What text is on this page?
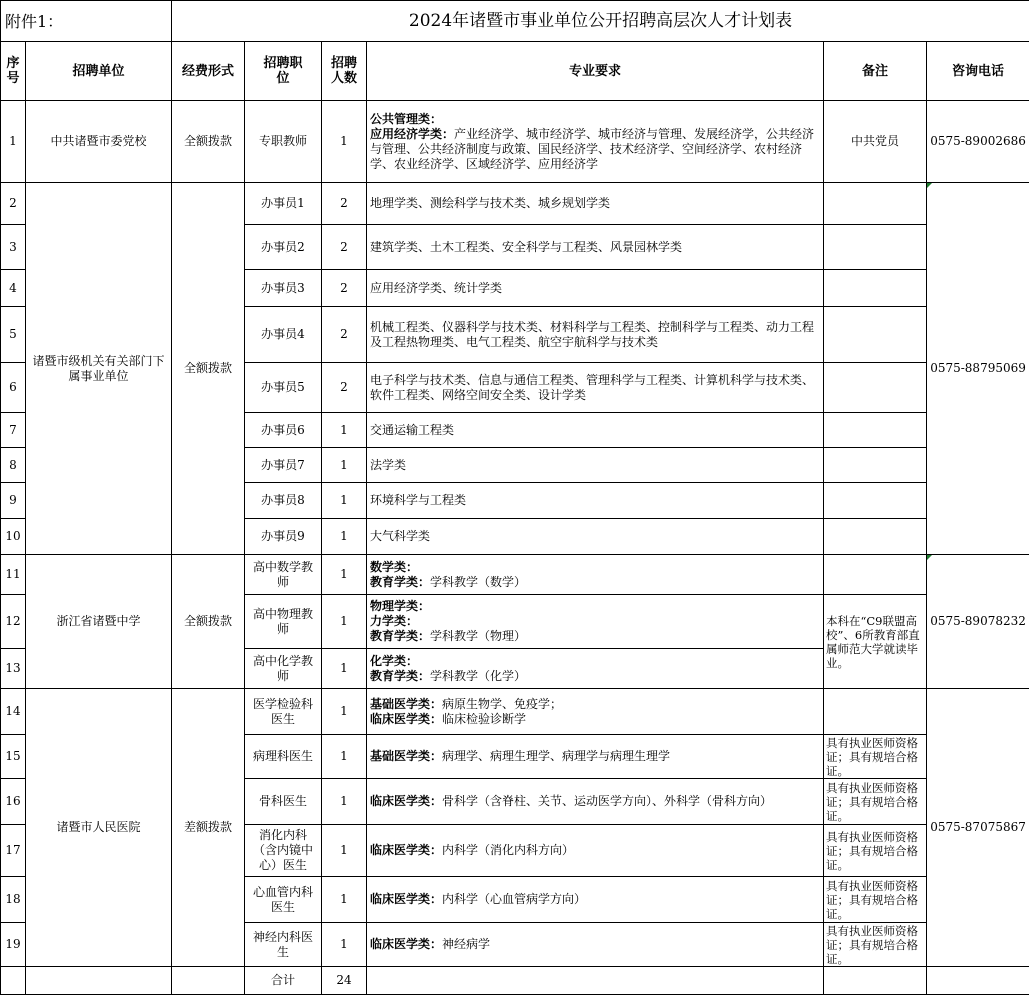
附件1：		2024年诸暨市事业单位公开招聘高层次人才计划表					
序号	招聘单位	经费形式	招聘职位	招聘人数	专业要求	备注	咨询电话
1	中共诸暨市委党校	全额拨款	专职教师	1	公共管理类：
应用经济学类：产业经济学、城市经济学、城市经济与管理、发展经济学，公共经济与管理、公共经济制度与政策、国民经济学、技术经济学、空间经济学、农村经济学、农业经济学、区域经济学、应用经济学	中共党员	0575-89002686
2	诸暨市级机关有关部门下属事业单位	全额拨款	办事员1	2	地理学类、测绘科学与技术类、城乡规划学类		0575-88795069
3			办事员2	2	建筑学类、土木工程类、安全科学与工程类、风景园林学类		

4			办事员3	2	应用经济学类、统计学类		

5			办事员4	2	机械工程类、仪器科学与技术类、材料科学与工程类、控制科学与工程类、动力工程及工程热物理类、电气工程类、航空宇航科学与技术类		

6			办事员5	2	电子科学与技术类、信息与通信工程类、管理科学与工程类、计算机科学与技术类、软件工程类、网络空间安全类、设计学类		

7			办事员6	1	交通运输工程类		

8			办事员7	1	法学类		

9			办事员8	1	环境科学与工程类		

10			办事员9	1	大气科学类		

11	浙江省诸暨中学	全额拨款	高中数学教师	1	数学类：
教育学类：学科教学（数学）		0575-89078232
12			高中物理教师	1	物理学类：
力学类：
教育学类：学科教学（物理）	本科在“C9联盟高校”、6所教育部直属师范大学就读毕业。	
13			高中化学教师	1	化学类：
教育学类：学科教学（化学）		

14	诸暨市人民医院	差额拨款	医学检验科医生	1	基础医学类：病原生物学、免疫学；
临床医学类：临床检验诊断学		0575-87075867
15			病理科医生	1	基础医学类：病理学、病理生理学、病理学与病理生理学	具有执业医师资格证；具有规培合格证。	
16			骨科医生	1	临床医学类：骨科学（含脊柱、关节、运动医学方向）、外科学（骨科方向）	具有执业医师资格证；具有规培合格证。	
17			消化内科（含内镜中心）医生	1	临床医学类：内科学（消化内科方向）	具有执业医师资格证；具有规培合格证。	
18			心血管内科医生	1	临床医学类：内科学（心血管病学方向）	具有执业医师资格证；具有规培合格证。	
19			神经内科医生	1	临床医学类：神经病学	具有执业医师资格证；具有规培合格证。	
			合计	24			
